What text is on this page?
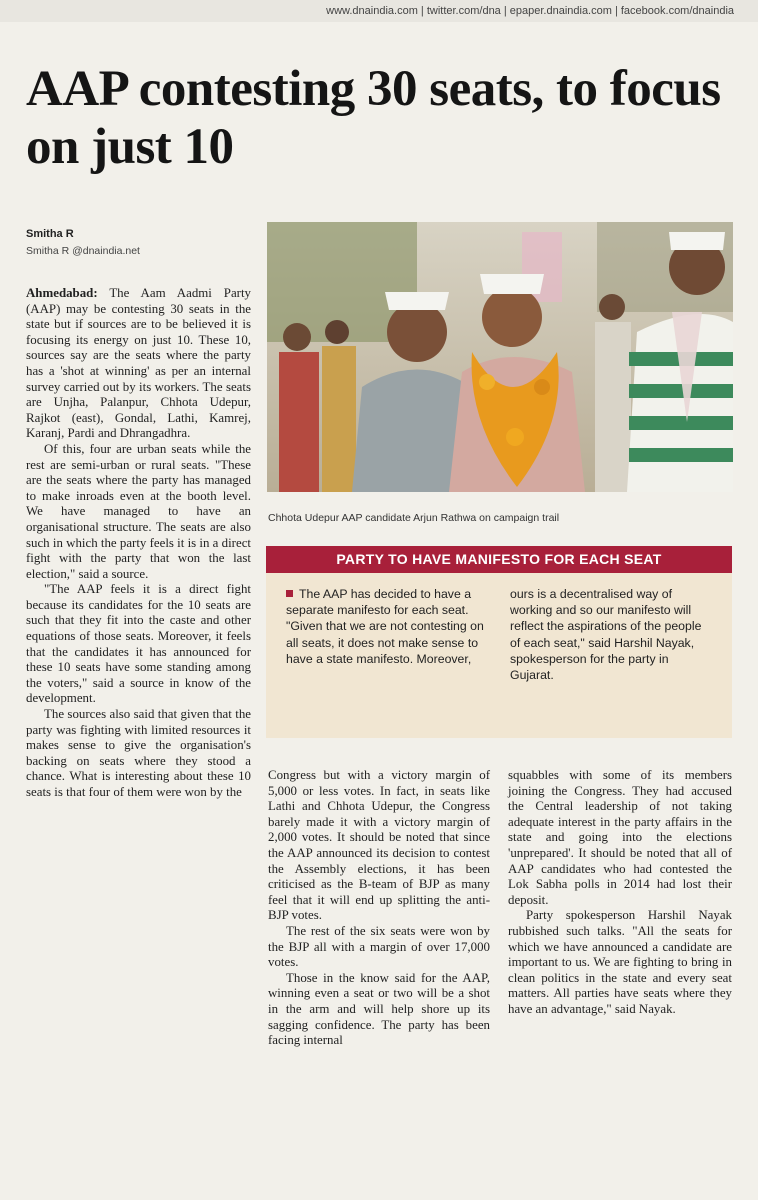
www.dnaindia.com | twitter.com/dna | epaper.dnaindia.com | facebook.com/dnaindia
AAP contesting 30 seats, to focus on just 10
Smitha R
Smitha R @dnaindia.net

Ahmedabad: The Aam Aadmi Party (AAP) may be contesting 30 seats in the state but if sources are to be believed it is focusing its energy on just 10. These 10, sources say are the seats where the party has a 'shot at winning' as per an internal survey carried out by its workers. The seats are Unjha, Palanpur, Chhota Udepur, Rajkot (east), Gondal, Lathi, Kamrej, Karanj, Pardi and Dhrangadhra.

Of this, four are urban seats while the rest are semi-urban or rural seats. "These are the seats where the party has managed to make inroads even at the booth level. We have managed to have an organisational structure. The seats are also such in which the party feels it is in a direct fight with the party that won the last election," said a source.

"The AAP feels it is a direct fight because its candidates for the 10 seats are such that they fit into the caste and other equations of those seats. Moreover, it feels that the candidates it has announced for these 10 seats have some standing among the voters," said a source in know of the development.

The sources also said that given that the party was fighting with limited resources it makes sense to give the organisation's backing on seats where they stood a chance. What is interesting about these 10 seats is that four of them were won by the

Chhota Udepur AAP candidate Arjun Rathwa on campaign trail
PARTY TO HAVE MANIFESTO FOR EACH SEAT
The AAP has decided to have a separate manifesto for each seat. "Given that we are not contesting on all seats, it does not make sense to have a state manifesto. Moreover,
ours is a decentralised way of working and so our manifesto will reflect the aspirations of the people of each seat," said Harshil Nayak, spokesperson for the party in Gujarat.

Congress but with a victory margin of 5,000 or less votes. In fact, in seats like Lathi and Chhota Udepur, the Congress barely made it with a victory margin of 2,000 votes. It should be noted that since the AAP announced its decision to contest the Assembly elections, it has been criticised as the B-team of BJP as many feel that it will end up splitting the anti-BJP votes.

The rest of the six seats were won by the BJP all with a margin of over 17,000 votes.

Those in the know said for the AAP, winning even a seat or two will be a shot in the arm and will help shore up its sagging confidence. The party has been facing internal

squabbles with some of its members joining the Congress. They had accused the Central leadership of not taking adequate interest in the party affairs in the state and going into the elections 'unprepared'. It should be noted that all of AAP candidates who had contested the Lok Sabha polls in 2014 had lost their deposit.

Party spokesperson Harshil Nayak rubbished such talks. "All the seats for which we have announced a candidate are important to us. We are fighting to bring in clean politics in the state and every seat matters. All parties have seats where they have an advantage," said Nayak.
